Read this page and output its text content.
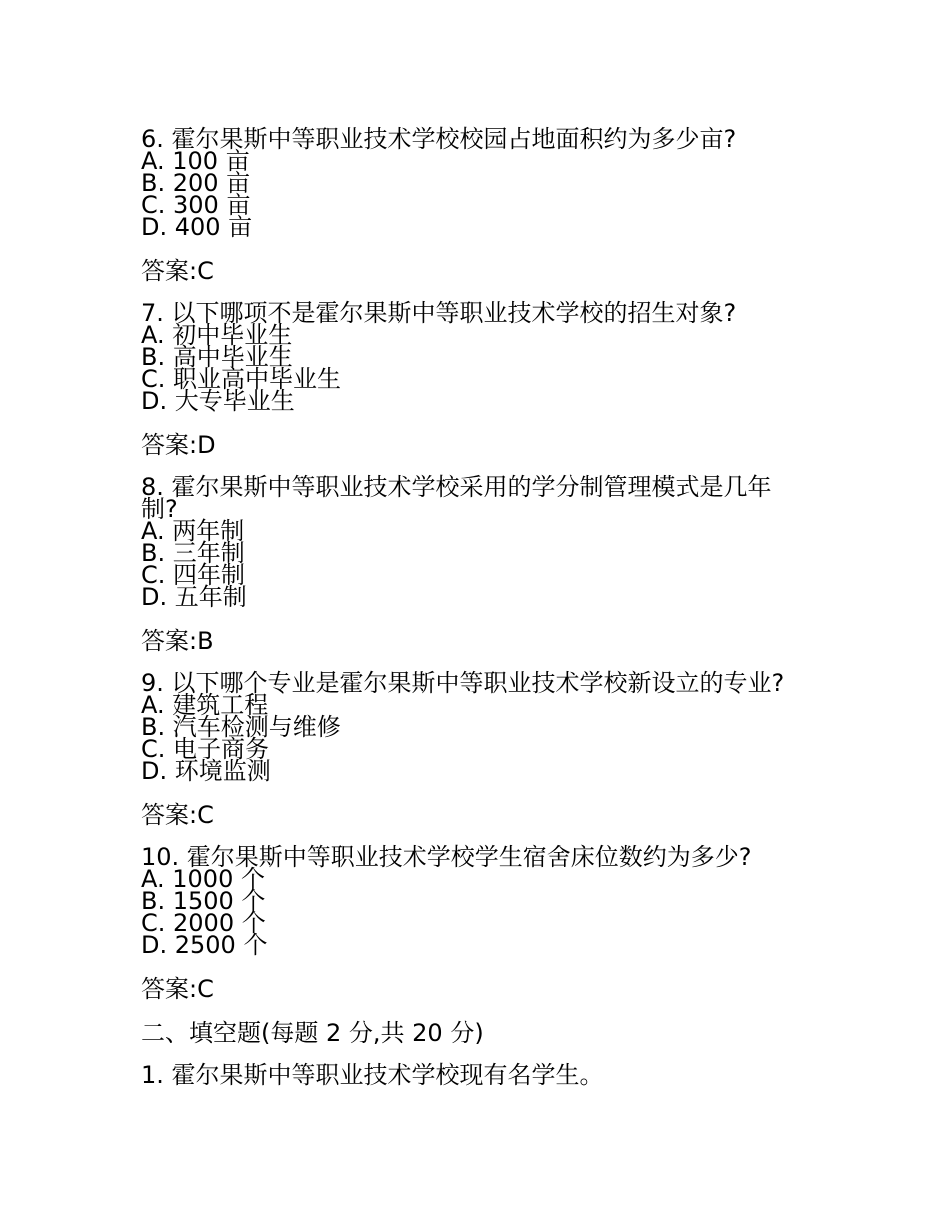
6. 霍尔果斯中等职业技术学校校园占地面积约为多少亩?
A. 100 亩
B. 200 亩
C. 300 亩
D. 400 亩
答案:C
7. 以下哪项不是霍尔果斯中等职业技术学校的招生对象?
A. 初中毕业生
B. 高中毕业生
C. 职业高中毕业生
D. 大专毕业生
答案:D
8. 霍尔果斯中等职业技术学校采用的学分制管理模式是几年制?
A. 两年制
B. 三年制
C. 四年制
D. 五年制
答案:B
9. 以下哪个专业是霍尔果斯中等职业技术学校新设立的专业?
A. 建筑工程
B. 汽车检测与维修
C. 电子商务
D. 环境监测
答案:C
10. 霍尔果斯中等职业技术学校学生宿舍床位数约为多少?
A. 1000 个
B. 1500 个
C. 2000 个
D. 2500 个
答案:C
二、填空题(每题 2 分,共 20 分)
1. 霍尔果斯中等职业技术学校现有名学生。
